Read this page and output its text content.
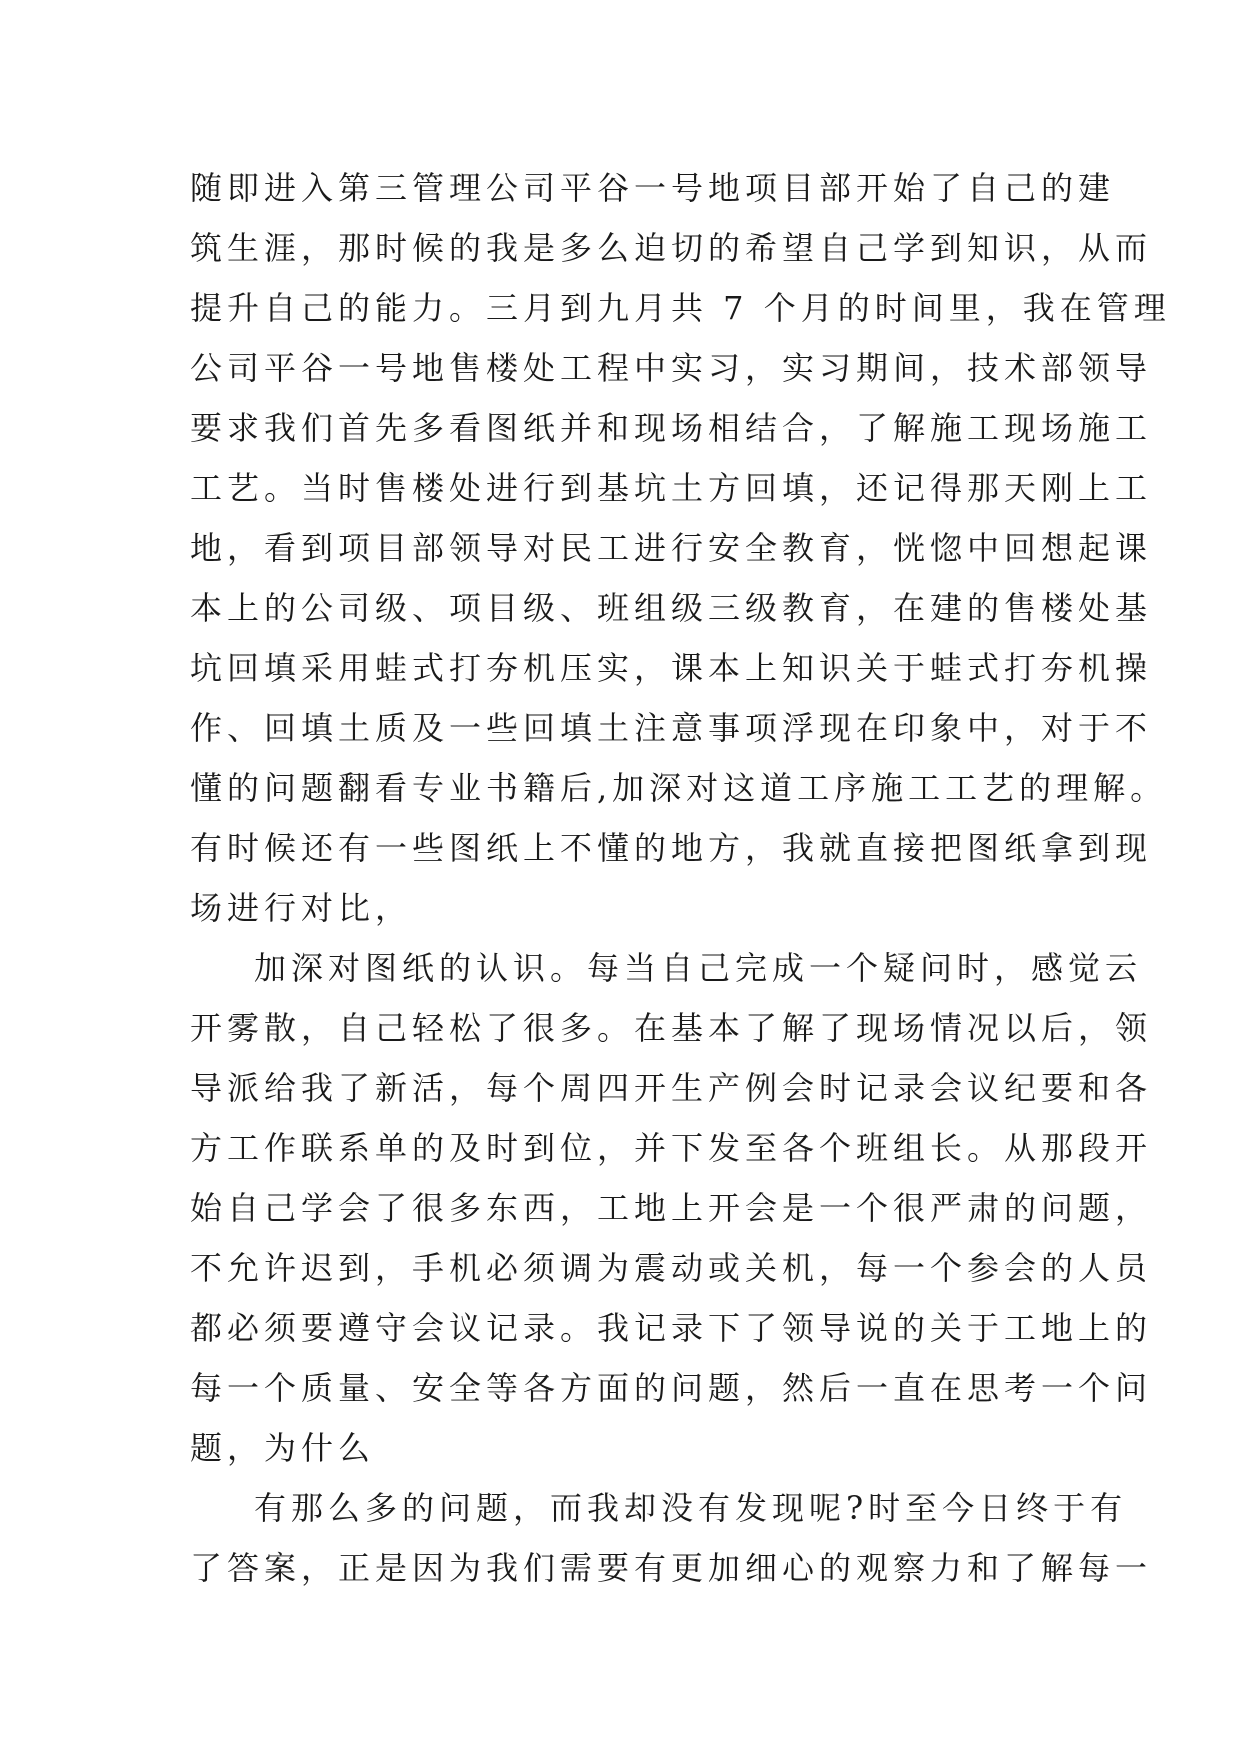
随即进入第三管理公司平谷一号地项目部开始了自己的建
筑生涯，那时候的我是多么迫切的希望自己学到知识，从而
提升自己的能力。三月到九月共 7 个月的时间里，我在管理
公司平谷一号地售楼处工程中实习，实习期间，技术部领导
要求我们首先多看图纸并和现场相结合，了解施工现场施工
工艺。当时售楼处进行到基坑土方回填，还记得那天刚上工
地，看到项目部领导对民工进行安全教育，恍惚中回想起课
本上的公司级、项目级、班组级三级教育，在建的售楼处基
坑回填采用蛙式打夯机压实，课本上知识关于蛙式打夯机操
作、回填土质及一些回填土注意事项浮现在印象中，对于不
懂的问题翻看专业书籍后,加深对这道工序施工工艺的理解。
有时候还有一些图纸上不懂的地方，我就直接把图纸拿到现
场进行对比，
加深对图纸的认识。每当自己完成一个疑问时，感觉云
开雾散，自己轻松了很多。在基本了解了现场情况以后，领
导派给我了新活，每个周四开生产例会时记录会议纪要和各
方工作联系单的及时到位，并下发至各个班组长。从那段开
始自己学会了很多东西，工地上开会是一个很严肃的问题，
不允许迟到，手机必须调为震动或关机，每一个参会的人员
都必须要遵守会议记录。我记录下了领导说的关于工地上的
每一个质量、安全等各方面的问题，然后一直在思考一个问
题，为什么
有那么多的问题，而我却没有发现呢?时至今日终于有
了答案，正是因为我们需要有更加细心的观察力和了解每一
